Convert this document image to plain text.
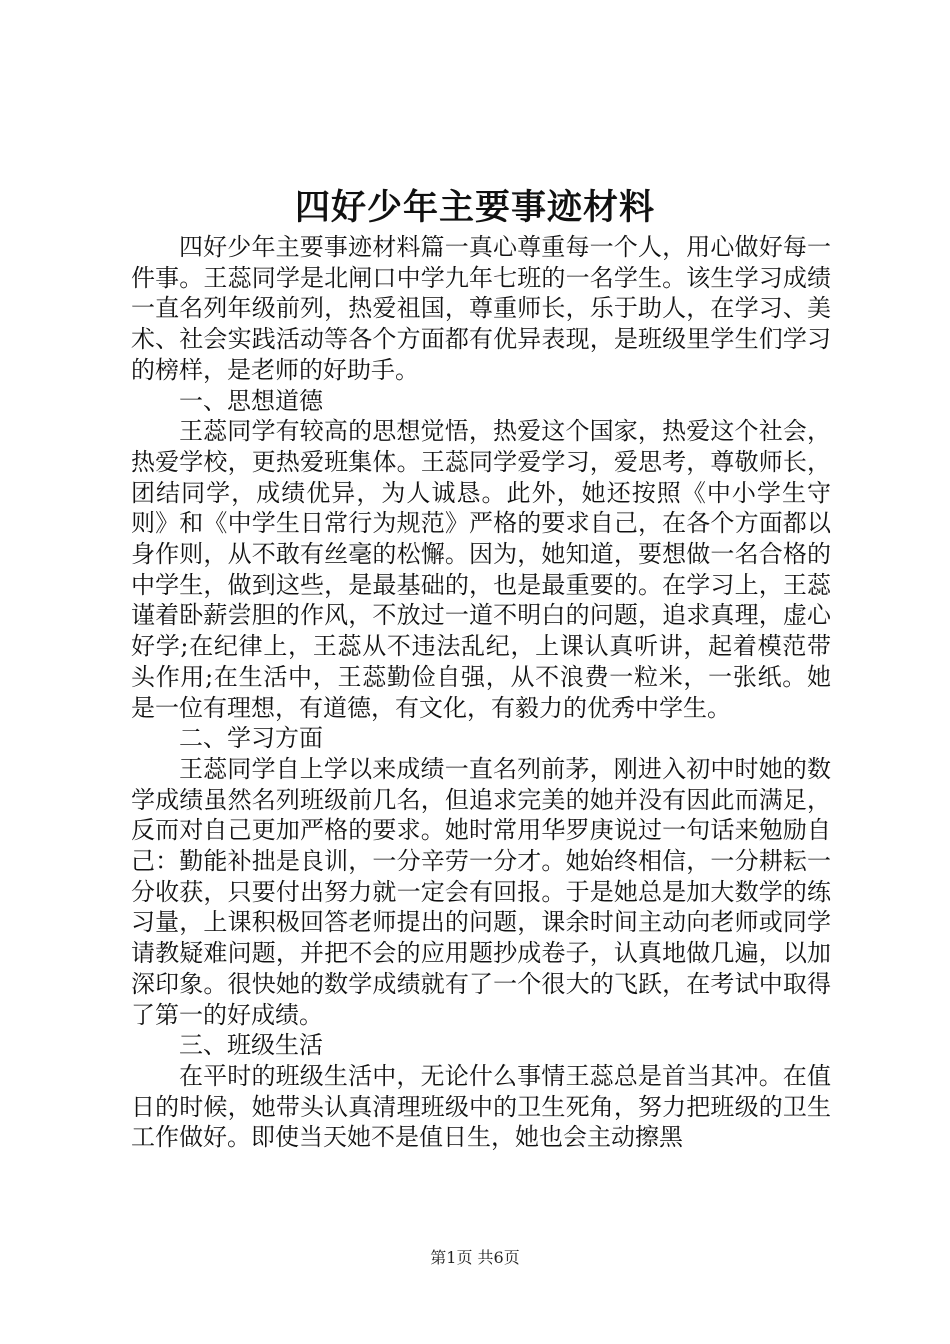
四好少年主要事迹材料

四好少年主要事迹材料篇一真心尊重每一个人，用心做好每一件事。王蕊同学是北闸口中学九年七班的一名学生。该生学习成绩一直名列年级前列，热爱祖国，尊重师长，乐于助人，在学习、美术、社会实践活动等各个方面都有优异表现，是班级里学生们学习的榜样，是老师的好助手。

一、思想道德

王蕊同学有较高的思想觉悟，热爱这个国家，热爱这个社会，热爱学校，更热爱班集体。王蕊同学爱学习，爱思考，尊敬师长，团结同学，成绩优异，为人诚恳。此外，她还按照《中小学生守则》和《中学生日常行为规范》严格的要求自己，在各个方面都以身作则，从不敢有丝毫的松懈。因为，她知道，要想做一名合格的中学生，做到这些，是最基础的，也是最重要的。在学习上，王蕊谨着卧薪尝胆的作风，不放过一道不明白的问题，追求真理，虚心好学;在纪律上，王蕊从不违法乱纪，上课认真听讲，起着模范带头作用;在生活中，王蕊勤俭自强，从不浪费一粒米，一张纸。她是一位有理想，有道德，有文化，有毅力的优秀中学生。

二、学习方面

王蕊同学自上学以来成绩一直名列前茅，刚进入初中时她的数学成绩虽然名列班级前几名，但追求完美的她并没有因此而满足，反而对自己更加严格的要求。她时常用华罗庚说过一句话来勉励自己：勤能补拙是良训，一分辛劳一分才。她始终相信，一分耕耘一分收获，只要付出努力就一定会有回报。于是她总是加大数学的练习量，上课积极回答老师提出的问题，课余时间主动向老师或同学请教疑难问题，并把不会的应用题抄成卷子，认真地做几遍，以加深印象。很快她的数学成绩就有了一个很大的飞跃，在考试中取得了第一的好成绩。

三、班级生活

在平时的班级生活中，无论什么事情王蕊总是首当其冲。在值日的时候，她带头认真清理班级中的卫生死角，努力把班级的卫生工作做好。即使当天她不是值日生，她也会主动擦黑

第1页 共6页
